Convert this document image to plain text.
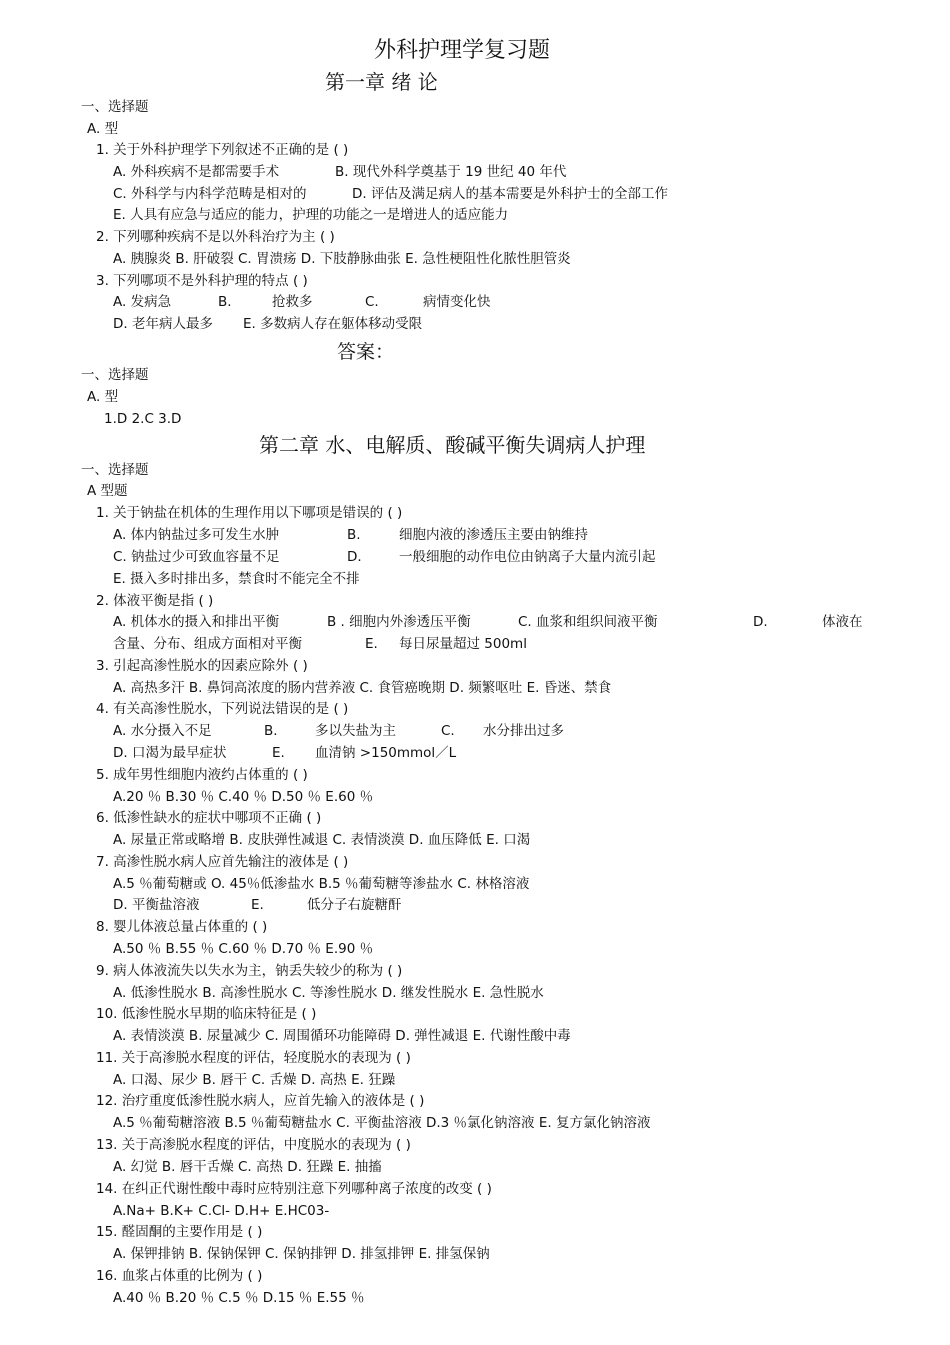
外科护理学复习题
第一章 绪 论
一、选择题
A. 型
1. 关于外科护理学下列叙述不正确的是 ( )
A. 外科疾病不是都需要手术	B. 现代外科学奠基于 19 世纪 40 年代
C. 外科学与内科学范畴是相对的	D. 评估及满足病人的基本需要是外科护士的全部工作
E. 人具有应急与适应的能力，护理的功能之一是增进人的适应能力
2. 下列哪种疾病不是以外科治疗为主 ( )
A. 胰腺炎 B. 肝破裂 C. 胃溃疡 D. 下肢静脉曲张 E. 急性梗阻性化脓性胆管炎
3. 下列哪项不是外科护理的特点 ( )
A. 发病急	B.	抢救多	C.	病情变化快
D. 老年病人最多 E. 多数病人存在躯体移动受限
答案：
一、选择题
A. 型
1.D 2.C 3.D
第二章 水、电解质、酸碱平衡失调病人护理
一、选择题
A 型题
1. 关于钠盐在机体的生理作用以下哪项是错误的 ( )
A. 体内钠盐过多可发生水肿	B.	细胞内液的渗透压主要由钠维持
C. 钠盐过少可致血容量不足	D.	一般细胞的动作电位由钠离子大量内流引起
E. 摄入多时排出多，禁食时不能完全不排
2. 体液平衡是指 ( )
A. 机体水的摄入和排出平衡	B . 细胞内外渗透压平衡	C. 血浆和组织间液平衡	D.	体液在
含量、分布、组成方面相对平衡	E. 每日尿量超过 500ml
3. 引起高渗性脱水的因素应除外 ( )
A. 高热多汗 B. 鼻饲高浓度的肠内营养液 C. 食管癌晚期 D. 频繁呕吐 E. 昏迷、禁食
4. 有关高渗性脱水，下列说法错误的是 ( )
A. 水分摄入不足	B.	多以失盐为主	C. 水分排出过多
D. 口渴为最早症状	E. 血清钠 >150mmol／L
5. 成年男性细胞内液约占体重的 ( )
A.20 ％ B.30 ％ C.40 ％ D.50 ％ E.60 ％
6. 低渗性缺水的症状中哪项不正确 ( )
A. 尿量正常或略增 B. 皮肤弹性减退 C. 表情淡漠 D. 血压降低 E. 口渴
7. 高渗性脱水病人应首先输注的液体是 ( )
A.5 ％葡萄糖或 O. 45％低渗盐水 B.5 ％葡萄糖等渗盐水 C. 林格溶液
D. 平衡盐溶液	E.	低分子右旋糖酐
8. 婴儿体液总量占体重的 ( )
A.50 ％ B.55 ％ C.60 ％ D.70 ％ E.90 ％
9. 病人体液流失以失水为主，钠丢失较少的称为 ( )
A. 低渗性脱水 B. 高渗性脱水 C. 等渗性脱水 D. 继发性脱水 E. 急性脱水
10. 低渗性脱水早期的临床特征是 ( )
A. 表情淡漠 B. 尿量减少 C. 周围循环功能障碍 D. 弹性减退 E. 代谢性酸中毒
11. 关于高渗脱水程度的评估，轻度脱水的表现为 ( )
A. 口渴、尿少 B. 唇干 C. 舌燥 D. 高热 E. 狂躁
12. 治疗重度低渗性脱水病人，应首先输入的液体是 ( )
A.5 ％葡萄糖溶液 B.5 ％葡萄糖盐水 C. 平衡盐溶液 D.3 ％氯化钠溶液 E. 复方氯化钠溶液
13. 关于高渗脱水程度的评估，中度脱水的表现为 ( )
A. 幻觉 B. 唇干舌燥 C. 高热 D. 狂躁 E. 抽搐
14. 在纠正代谢性酸中毒时应特别注意下列哪种离子浓度的改变 ( )
A.Na+ B.K+ C.Cl- D.H+ E.HC03-
15. 醛固酮的主要作用是 ( )
A. 保钾排钠 B. 保钠保钾 C. 保钠排钾 D. 排氢排钾 E. 排氢保钠
16. 血浆占体重的比例为 ( )
A.40 ％ B.20 ％ C.5 ％ D.15 ％ E.55 ％
